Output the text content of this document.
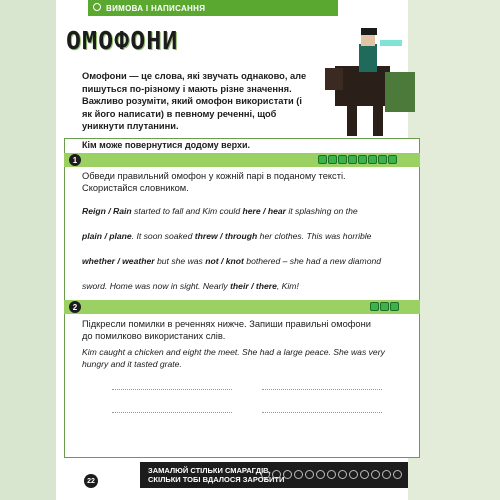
ВИМОВА І НАПИСАННЯ
ОМОФОНИ
Омофони — це слова, які звучать однаково, але пишуться по-різному і мають різне значення. Важливо розуміти, який омофон використати (і як його написати) в певному реченні, щоб уникнути плутанини.
Кім може повернутися додому верхи.
1
Обведи правильний омофон у кожній парі в поданому тексті.
Скористайся словником.
Reign / Rain started to fall and Kim could here / hear it splashing on the
plain / plane. It soon soaked threw / through her clothes. This was horrible
whether / weather but she was not / knot bothered – she had a new diamond
sword. Home was now in sight. Nearly their / there, Kim!
2
Підкресли помилки в реченнях нижче. Запиши правильні омофони
до помилково використаних слів.
Kim caught a chicken and eight the meet. She had a large peace. She was very
hungry and it tasted grate.
22
ЗАМАЛЮЙ СТІЛЬКИ СМАРАГДІВ,
СКІЛЬКИ ТОБІ ВДАЛОСЯ ЗАРОБИТИ
